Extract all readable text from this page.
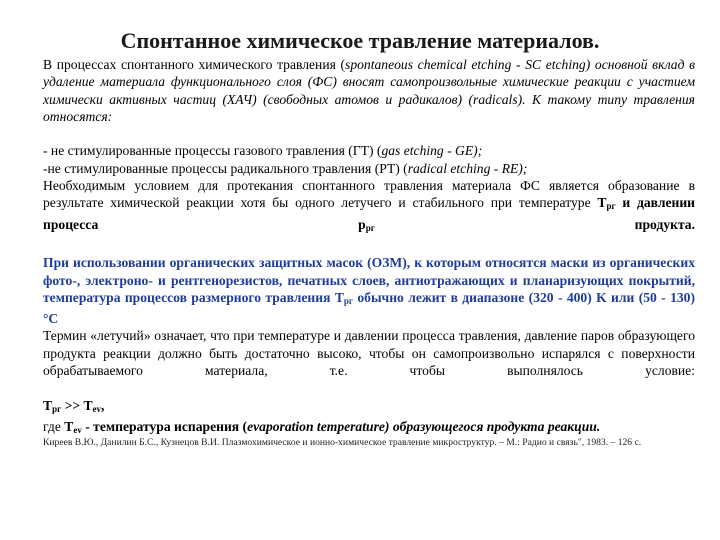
Спонтанное химическое травление материалов.

В процессах спонтанного химического травления (spontaneous chemical etching - SC etching) основной вклад в удаление материала функционального слоя (ФС) вносят самопроизвольные химические реакции с участием химически активных частиц (ХАЧ) (свободных атомов и радикалов) (radicals). К такому типу травления относятся:

- не стимулированные процессы газового травления (ГТ) (gas etching - GE);

-не стимулированные процессы радикального травления (РТ) (radical etching - RE);

Необходимым условием для протекания спонтанного травления материала ФС является образование в результате химической реакции хотя бы одного летучего и стабильного при температуре $T_{рг}$ и давлении процесса $р_{рг}$ продукта.

При использовании органических защитных масок (ОЗМ), к которым относятся маски из органических фото-, электроно- и рентгенорезистов, печатных слоев, антиотражающих и планаризующих покрытий, температура процессов размерного травления $T_{рг}$ обычно лежит в диапазоне (320 - 400) K или (50 - 130) °С

Термин «летучий» означает, что при температуре и давлении процесса травления, давление паров образующего продукта реакции должно быть достаточно высоко, чтобы он самопроизвольно испарялся с поверхности обрабатываемого материала, т.е. чтобы выполнялось условие:

$T_{рг} >> T_{ev}$,

где $T_{ev}$ - температура испарения (evaporation temperature) образующегося продукта реакции.

Киреев В.Ю., Данилин Б.С., Кузнецов В.И. Плазмохимическое и ионно-химическое травление микроструктур. – М.: Радио и связь", 1983. – 126 с.
